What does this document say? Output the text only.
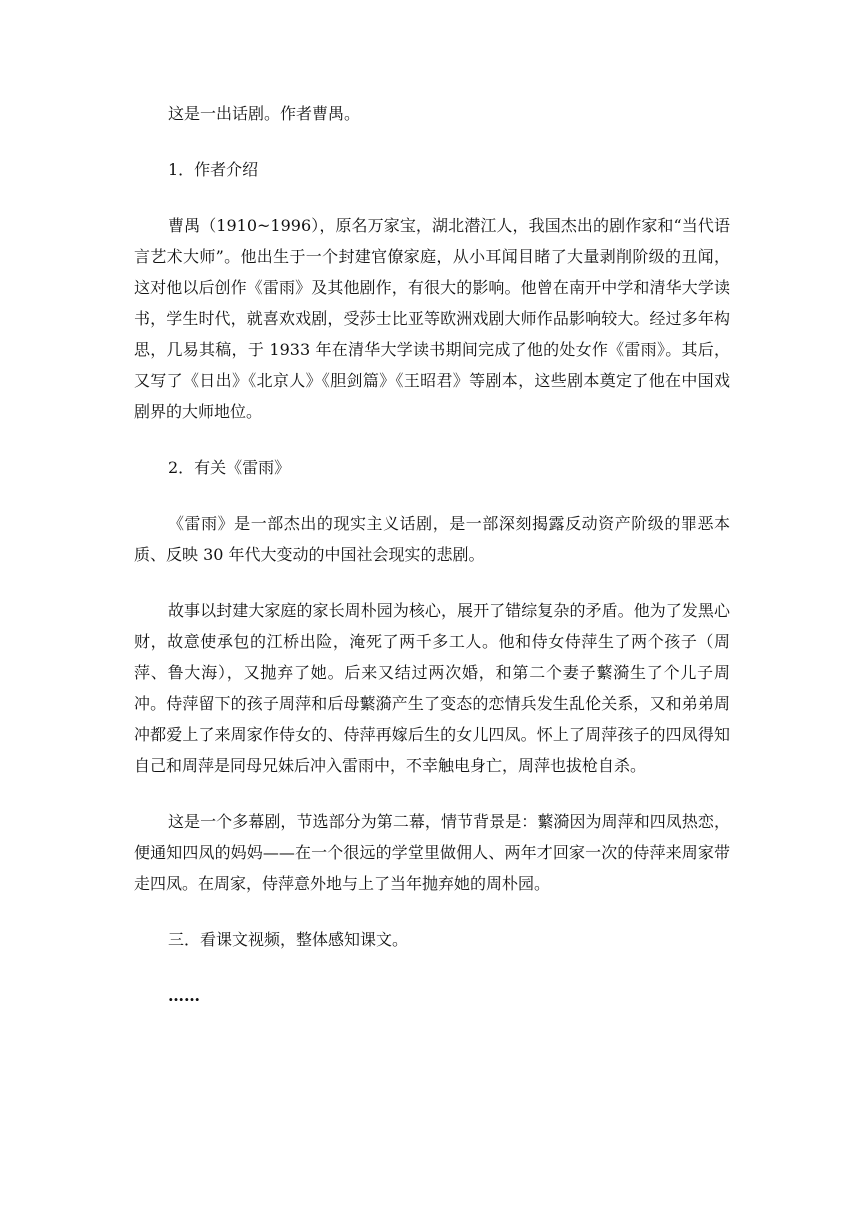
这是一出话剧。作者曹禺。

1．作者介绍

曹禺（1910~1996），原名万家宝，湖北潜江人，我国杰出的剧作家和“当代语言艺术大师”。他出生于一个封建官僚家庭，从小耳闻目睹了大量剥削阶级的丑闻，这对他以后创作《雷雨》及其他剧作，有很大的影响。他曾在南开中学和清华大学读书，学生时代，就喜欢戏剧，受莎士比亚等欧洲戏剧大师作品影响较大。经过多年构思，几易其稿，于 1933 年在清华大学读书期间完成了他的处女作《雷雨》。其后，又写了《日出》《北京人》《胆剑篇》《王昭君》等剧本，这些剧本奠定了他在中国戏剧界的大师地位。

2．有关《雷雨》

《雷雨》是一部杰出的现实主义话剧，是一部深刻揭露反动资产阶级的罪恶本质、反映 30 年代大变动的中国社会现实的悲剧。

故事以封建大家庭的家长周朴园为核心，展开了错综复杂的矛盾。他为了发黑心财，故意使承包的江桥出险，淹死了两千多工人。他和侍女侍萍生了两个孩子（周萍、鲁大海），又抛弃了她。后来又结过两次婚，和第二个妻子蘩漪生了个儿子周冲。侍萍留下的孩子周萍和后母蘩漪产生了变态的恋情兵发生乱伦关系，又和弟弟周冲都爱上了来周家作侍女的、侍萍再嫁后生的女儿四凤。怀上了周萍孩子的四凤得知自己和周萍是同母兄妹后冲入雷雨中，不幸触电身亡，周萍也拔枪自杀。

这是一个多幕剧，节选部分为第二幕，情节背景是：蘩漪因为周萍和四凤热恋，便通知四凤的妈妈——在一个很远的学堂里做佣人、两年才回家一次的侍萍来周家带走四凤。在周家，侍萍意外地与上了当年抛弃她的周朴园。

三．看课文视频，整体感知课文。

……
